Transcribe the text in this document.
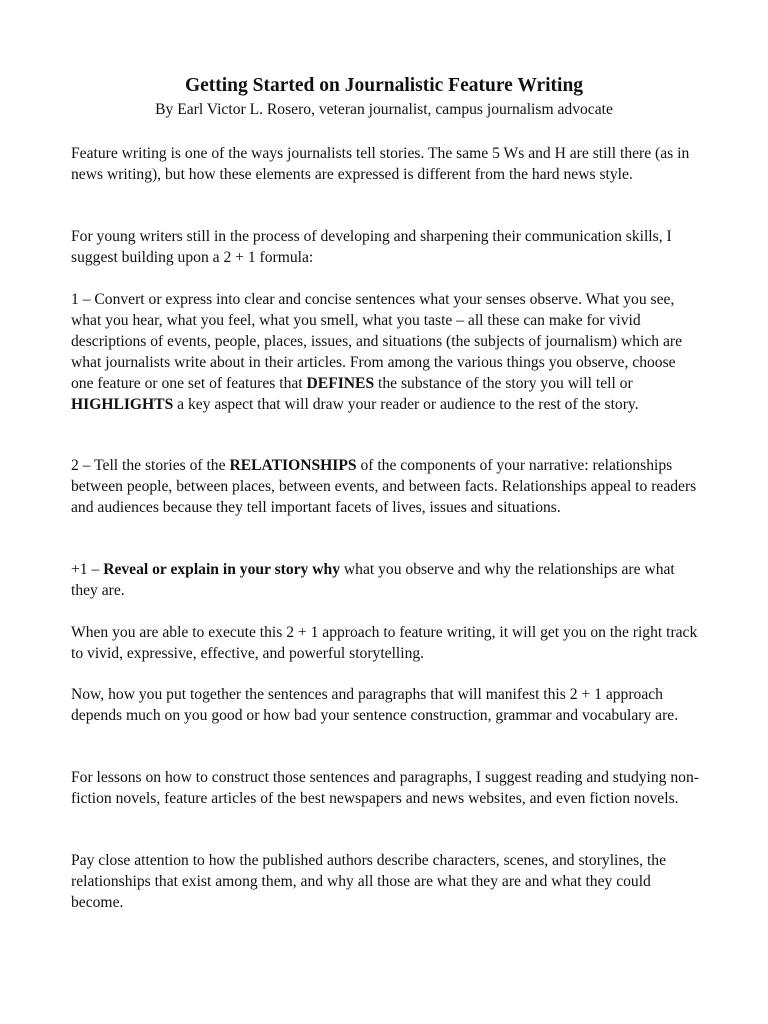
Getting Started on Journalistic Feature Writing

By Earl Victor L. Rosero, veteran journalist, campus journalism advocate

Feature writing is one of the ways journalists tell stories. The same 5 Ws and H are still there (as in news writing), but how these elements are expressed is different from the hard news style.

For young writers still in the process of developing and sharpening their communication skills, I suggest building upon a 2 + 1 formula:

1 – Convert or express into clear and concise sentences what your senses observe. What you see, what you hear, what you feel, what you smell, what you taste – all these can make for vivid descriptions of events, people, places, issues, and situations (the subjects of journalism) which are what journalists write about in their articles. From among the various things you observe, choose one feature or one set of features that DEFINES the substance of the story you will tell or HIGHLIGHTS a key aspect that will draw your reader or audience to the rest of the story.

2 – Tell the stories of the RELATIONSHIPS of the components of your narrative: relationships between people, between places, between events, and between facts. Relationships appeal to readers and audiences because they tell important facets of lives, issues and situations.

+1 – Reveal or explain in your story why what you observe and why the relationships are what they are.

When you are able to execute this 2 + 1 approach to feature writing, it will get you on the right track to vivid, expressive, effective, and powerful storytelling.

Now, how you put together the sentences and paragraphs that will manifest this 2 + 1 approach depends much on you good or how bad your sentence construction, grammar and vocabulary are.

For lessons on how to construct those sentences and paragraphs, I suggest reading and studying non-fiction novels, feature articles of the best newspapers and news websites, and even fiction novels.

Pay close attention to how the published authors describe characters, scenes, and storylines, the relationships that exist among them, and why all those are what they are and what they could become.
